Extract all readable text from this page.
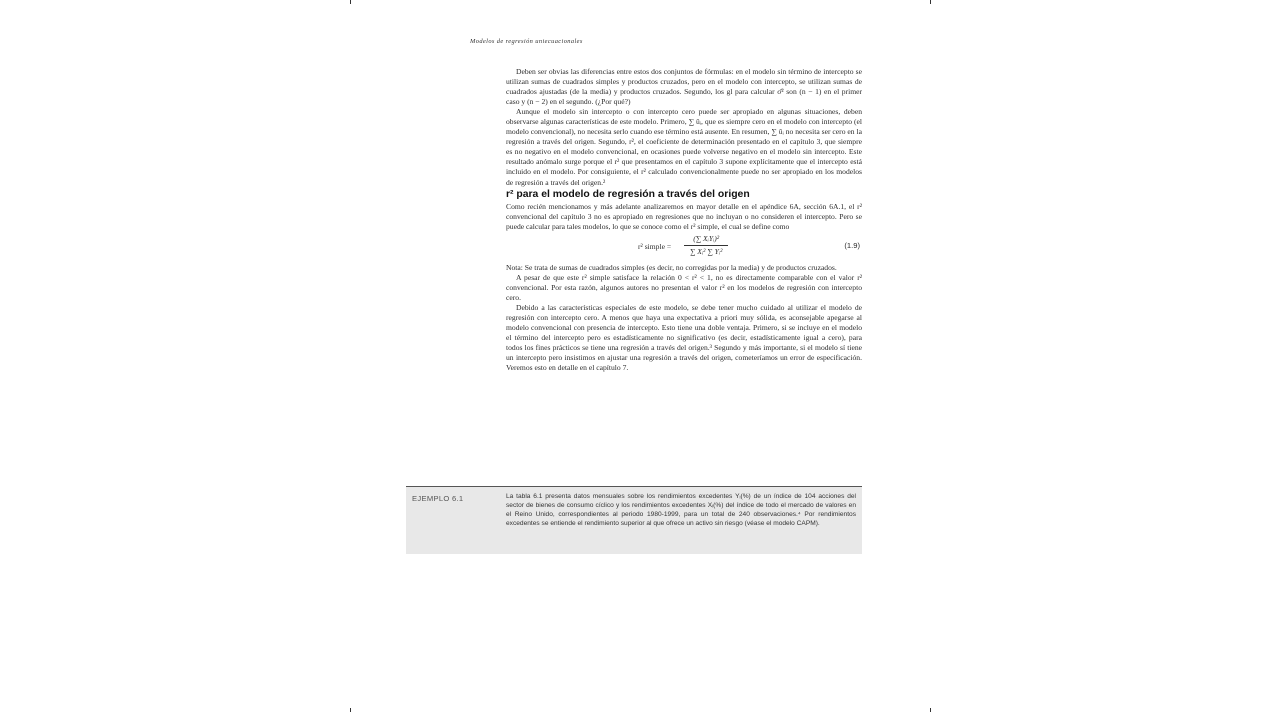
Modelos de regresión uniecuacionales

Deben ser obvias las diferencias entre estos dos conjuntos de fórmulas: en el modelo sin término de intercepto se utilizan sumas de cuadrados simples y productos cruzados, pero en el modelo con intercepto, se utilizan sumas de cuadrados ajustadas (de la media) y productos cruzados. Segundo, los gl para calcular σ̂² son (n − 1) en el primer caso y (n − 2) en el segundo. (¿Por qué?)

Aunque el modelo sin intercepto o con intercepto cero puede ser apropiado en algunas situaciones, deben observarse algunas características de este modelo. Primero, ∑ ûᵢ, que es siempre cero en el modelo con intercepto (el modelo convencional), no necesita serlo cuando ese término está ausente. En resumen, ∑ ûᵢ no necesita ser cero en la regresión a través del origen. Segundo, r², el coeficiente de determinación presentado en el capítulo 3, que siempre es no negativo en el modelo convencional, en ocasiones puede volverse negativo en el modelo sin intercepto. Este resultado anómalo surge porque el r² que presentamos en el capítulo 3 supone explícitamente que el intercepto está incluido en el modelo. Por consiguiente, el r² calculado convencionalmente puede no ser apropiado en los modelos de regresión a través del origen.²

r² para el modelo de regresión a través del origen

Como recién mencionamos y más adelante analizaremos en mayor detalle en el apéndice 6A, sección 6A.1, el r² convencional del capítulo 3 no es apropiado en regresiones que no incluyan o no consideren el intercepto. Pero se puede calcular para tales modelos, lo que se conoce como el r² simple, el cual se define como

r² simple =
(∑ XᵢYᵢ)²
∑ Xᵢ² ∑ Yᵢ²
(1.9)

Nota: Se trata de sumas de cuadrados simples (es decir, no corregidas por la media) y de productos cruzados.

A pesar de que este r² simple satisface la relación 0 < r² < 1, no es directamente comparable con el valor r² convencional. Por esta razón, algunos autores no presentan el valor r² en los modelos de regresión con intercepto cero.

Debido a las características especiales de este modelo, se debe tener mucho cuidado al utilizar el modelo de regresión con intercepto cero. A menos que haya una expectativa a priori muy sólida, es aconsejable apegarse al modelo convencional con presencia de intercepto. Esto tiene una doble ventaja. Primero, si se incluye en el modelo el término del intercepto pero es estadísticamente no significativo (es decir, estadísticamente igual a cero), para todos los fines prácticos se tiene una regresión a través del origen.³ Segundo y más importante, si el modelo sí tiene un intercepto pero insistimos en ajustar una regresión a través del origen, cometeríamos un error de especificación. Veremos esto en detalle en el capítulo 7.

EJEMPLO 6.1	La tabla 6.1 presenta datos mensuales sobre los rendimientos excedentes Yᵢ(%) de un índice de 104 acciones del sector de bienes de consumo cíclico y los rendimientos excedentes Xᵢ(%) del índice de todo el mercado de valores en el Reino Unido, correspondientes al periodo 1980-1999, para un total de 240 observaciones.⁴ Por rendimientos excedentes se entiende el rendimiento superior al que ofrece un activo sin riesgo (véase el modelo CAPM).
